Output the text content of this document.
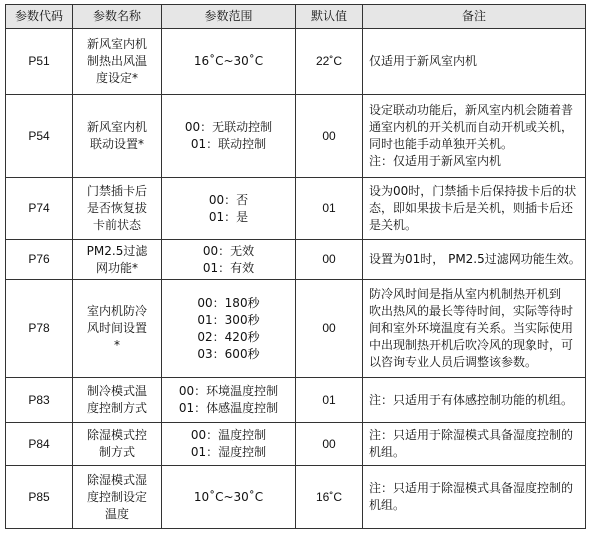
参数代码	参数名称	参数范围	默认值	备注
P51	新风室内机
制热出风温
度设定*	16˚C~30˚C	22˚C	仅适用于新风室内机

P54	新风室内机
联动设置*	00：无联动控制
01：联动控制	00	设定联动功能后，新风室内机会随着普
通室内机的开关机而自动开机或关机，
同时也能手动单独开关机。
注：仅适用于新风室内机

P74	门禁插卡后
是否恢复拔
卡前状态	00：否
01：是	01	设为00时，门禁插卡后保持拔卡后的状
态，即如果拔卡后是关机，则插卡后还
是关机。

P76	PM2.5过滤
网功能*	00：无效
01：有效	00	设置为01时， PM2.5过滤网功能生效。

P78	室内机防冷
风时间设置
*	00：180秒
01：300秒
02：420秒
03：600秒	00	防冷风时间是指从室内机制热开机到
吹出热风的最长等待时间，实际等待时
间和室外环境温度有关系。当实际使用
中出现制热开机后吹冷风的现象时，可
以咨询专业人员后调整该参数。

P83	制冷模式温
度控制方式	00：环境温度控制
01：体感温度控制	01	注：只适用于有体感控制功能的机组。

P84	除湿模式控
制方式	00：温度控制
01：湿度控制	00	注：只适用于除湿模式具备湿度控制的
机组。

P85	除湿模式湿
度控制设定
温度	10˚C~30˚C	16˚C	注：只适用于除湿模式具备湿度控制的
机组。
